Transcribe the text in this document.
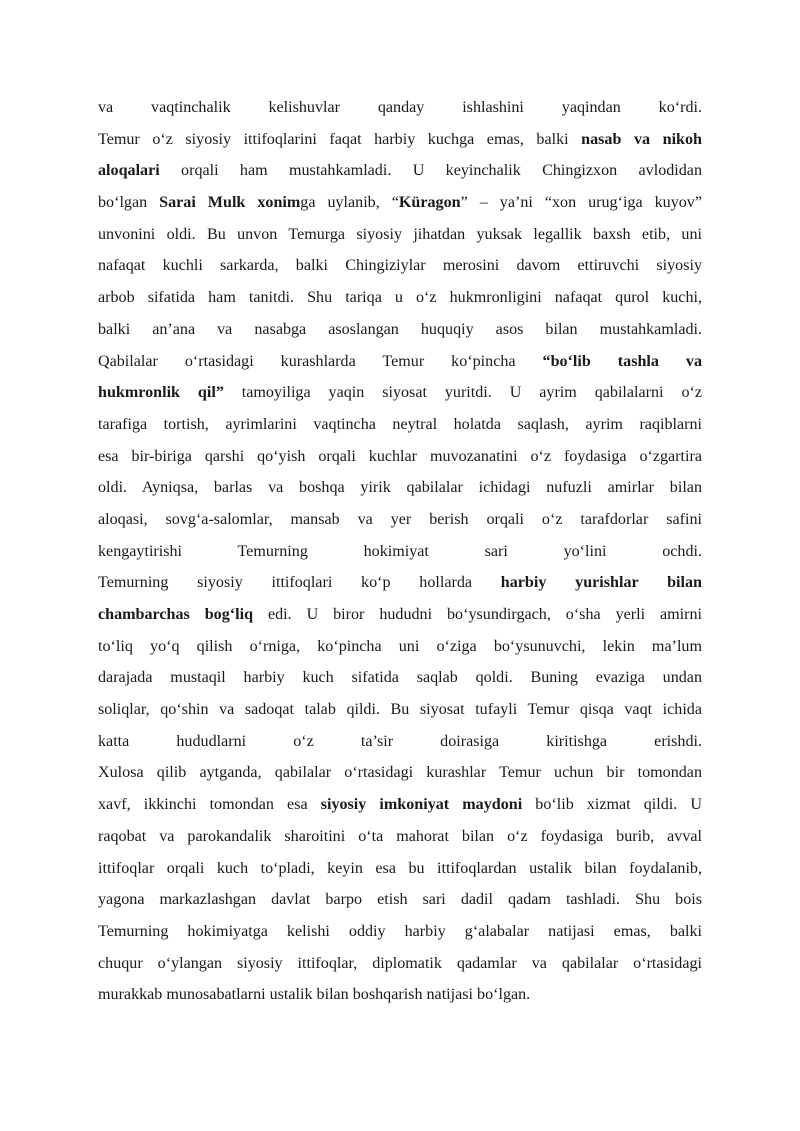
va vaqtinchalik kelishuvlar qanday ishlashini yaqindan ko‘rdi.
Temur o‘z siyosiy ittifoqlarini faqat harbiy kuchga emas, balki nasab va nikoh
aloqalari orqali ham mustahkamladi. U keyinchalik Chingizxon avlodidan
bo‘lgan Sarai Mulk xonimga uylanib, “Küragon” – ya’ni “xon urug‘iga kuyov”
unvonini oldi. Bu unvon Temurga siyosiy jihatdan yuksak legallik baxsh etib, uni
nafaqat kuchli sarkarda, balki Chingiziylar merosini davom ettiruvchi siyosiy
arbob sifatida ham tanitdi. Shu tariqa u o‘z hukmronligini nafaqat qurol kuchi,
balki an’ana va nasabga asoslangan huquqiy asos bilan mustahkamladi.
Qabilalar o‘rtasidagi kurashlarda Temur ko‘pincha “bo‘lib tashla va
hukmronlik qil” tamoyiliga yaqin siyosat yuritdi. U ayrim qabilalarni o‘z
tarafiga tortish, ayrimlarini vaqtincha neytral holatda saqlash, ayrim raqiblarni
esa bir-biriga qarshi qo‘yish orqali kuchlar muvozanatini o‘z foydasiga o‘zgartira
oldi. Ayniqsa, barlas va boshqa yirik qabilalar ichidagi nufuzli amirlar bilan
aloqasi, sovg‘a-salomlar, mansab va yer berish orqali o‘z tarafdorlar safini
kengaytirishi Temurning hokimiyat sari yo‘lini ochdi.
Temurning siyosiy ittifoqlari ko‘p hollarda harbiy yurishlar bilan
chambarchas bog‘liq edi. U biror hududni bo‘ysundirgach, o‘sha yerli amirni
to‘liq yo‘q qilish o‘rniga, ko‘pincha uni o‘ziga bo‘ysunuvchi, lekin ma’lum
darajada mustaqil harbiy kuch sifatida saqlab qoldi. Buning evaziga undan
soliqlar, qo‘shin va sadoqat talab qildi. Bu siyosat tufayli Temur qisqa vaqt ichida
katta hududlarni o‘z ta’sir doirasiga kiritishga erishdi.
Xulosa qilib aytganda, qabilalar o‘rtasidagi kurashlar Temur uchun bir tomondan
xavf, ikkinchi tomondan esa siyosiy imkoniyat maydoni bo‘lib xizmat qildi. U
raqobat va parokandalik sharoitini o‘ta mahorat bilan o‘z foydasiga burib, avval
ittifoqlar orqali kuch to‘pladi, keyin esa bu ittifoqlardan ustalik bilan foydalanib,
yagona markazlashgan davlat barpo etish sari dadil qadam tashladi. Shu bois
Temurning hokimiyatga kelishi oddiy harbiy g‘alabalar natijasi emas, balki
chuqur o‘ylangan siyosiy ittifoqlar, diplomatik qadamlar va qabilalar o‘rtasidagi
murakkab munosabatlarni ustalik bilan boshqarish natijasi bo‘lgan.
